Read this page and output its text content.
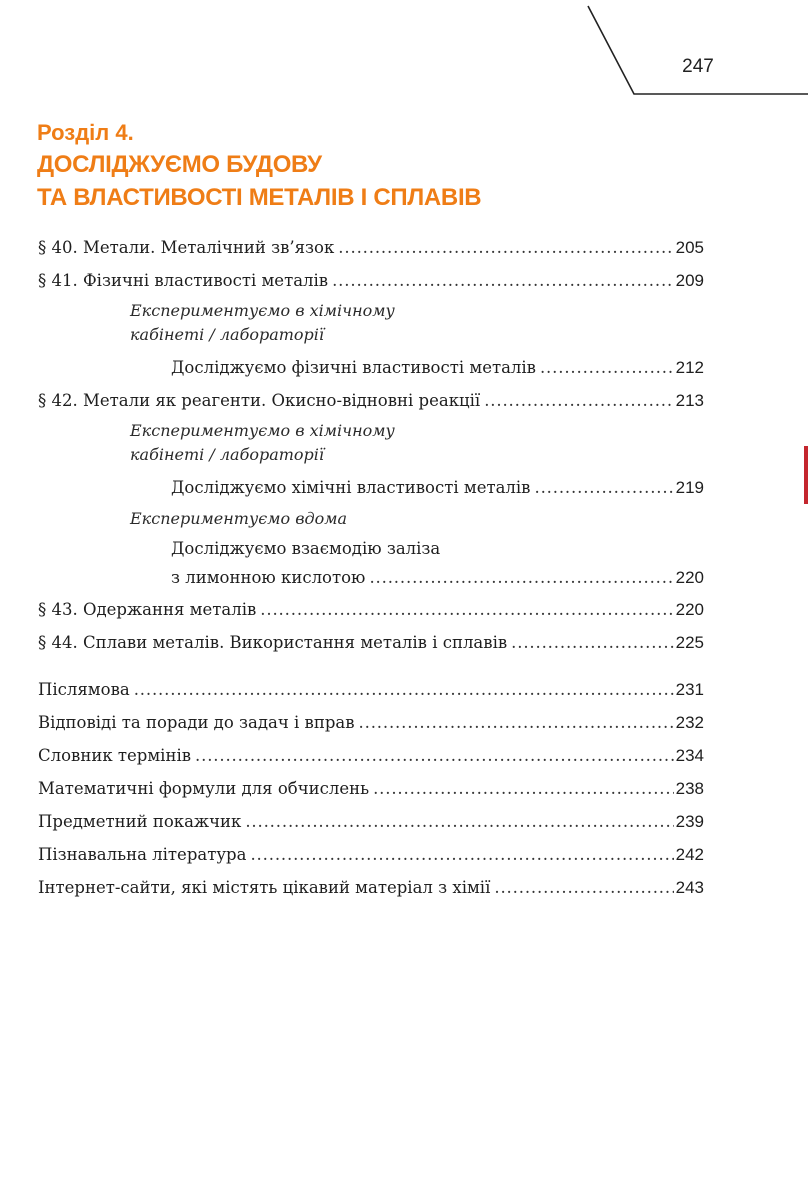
247
Розділ 4.
ДОСЛІДЖУЄМО БУДОВУ
ТА ВЛАСТИВОСТІ МЕТАЛІВ І СПЛАВІВ
§ 40. Метали. Металічний зв’язок . . .	205
§ 41. Фізичні властивості металів . . .	209
Експериментуємо в хімічному
кабінеті / лабораторії
Досліджуємо фізичні властивості металів . . .	212
§ 42. Метали як реагенти. Окисно-відновні реакції . . .	213
Експериментуємо в хімічному
кабінеті / лабораторії
Досліджуємо хімічні властивості металів . . .	219
Експериментуємо вдома
Досліджуємо взаємодію заліза
з лимонною кислотою . . .	220
§ 43. Одержання металів . . .	220
§ 44. Сплави металів. Використання металів і сплавів . . .	225
Післямова . . .	231
Відповіді та поради до задач і вправ . . .	232
Словник термінів . . .	234
Математичні формули для обчислень . . .	238
Предметний покажчик . . .	239
Пізнавальна література . . .	242
Інтернет-сайти, які містять цікавий матеріал з хімії . . .	243
